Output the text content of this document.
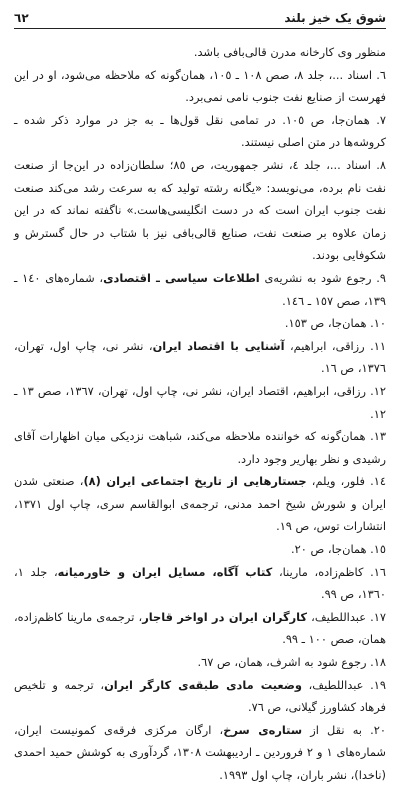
٦٢	شوق یک خیز بلند

منظور وی کارخانه مدرن قالی‌بافی باشد.

٦. اسناد ...، جلد ٨، صص ١٠٨ ـ ١٠٥، همان‌گونه که ملاحظه می‌شود، او در این فهرست از صنایع نفت جنوب نامی نمی‌برد.

٧. همان‌جا، ص ١٠٥. در تمامی نقل قول‌ها ـ به جز در موارد ذکر شده ـ کروشه‌ها در متن اصلی نیستند.

٨. اسناد ...، جلد ٤، نشر جمهوریت، ص ٨٥؛ سلطان‌زاده در این‌جا از صنعت نفت نام برده، می‌نویسد: «یگانه رشته تولید که به سرعت رشد می‌کند صنعت نفت جنوب ایران است که در دست انگلیسی‌هاست.» ناگفته نماند که در این زمان علاوه بر صنعت نفت، صنایع قالی‌بافی نیز با شتاب در حال گسترش و شکوفایی بودند.

٩. رجوع شود به نشریه‌ی اطلاعات سیاسی ـ اقتصادی، شماره‌های ١٤٠ ـ ١٣٩، صص ١٥٧ ـ ١٤٦.

١٠. همان‌جا، ص ١٥٣.

١١. رزاقی، ابراهیم، آشنایی با اقتصاد ایران، نشر نی، چاپ اول، تهران، ١٣٧٦، ص ١٦.

١٢. رزاقی، ابراهیم، اقتصاد ایران، نشر نی، چاپ اول، تهران، ١٣٦٧، صص ١٣ ـ ١٢.

١٣. همان‌گونه که خواننده ملاحظه می‌کند، شباهت نزدیکی میان اظهارات آقای رشیدی و نظر بهاریر وجود دارد.

١٤. فلور، ویلم، جستارهایی از تاریخ اجتماعی ایران (٨)، صنعتی شدن ایران و شورش شیخ احمد مدنی، ترجمه‌ی ابوالقاسم سری، چاپ اول ١٣٧١، انتشارات توس، ص ١٩.

١٥. همان‌جا، ص ٢٠.

١٦. کاظم‌زاده، مارینا، کتاب آگاه، مسایل ایران و خاورمیانه، جلد ١، ١٣٦٠، ص ٩٩.

١٧. عبداللطیف، کارگران ایران در اواخر قاجار، ترجمه‌ی مارینا کاظم‌زاده، همان، صص ١٠٠ ـ ٩٩.

١٨. رجوع شود به اشرف، همان، ص ٦٧.

١٩. عبداللطیف، وضعیت مادی طبقه‌ی کارگر ایران، ترجمه و تلخیص فرهاد کشاورز گیلانی، ص ٧٦.

٢٠. به نقل از ستاره‌ی سرخ، ارگان مرکزی فرقه‌ی کمونیست ایران، شماره‌های ١ و ٢ فروردین ـ اردیبهشت ١٣٠٨، گردآوری به کوشش حمید احمدی (ناخدا)، نشر باران، چاپ اول ١٩٩٣.
